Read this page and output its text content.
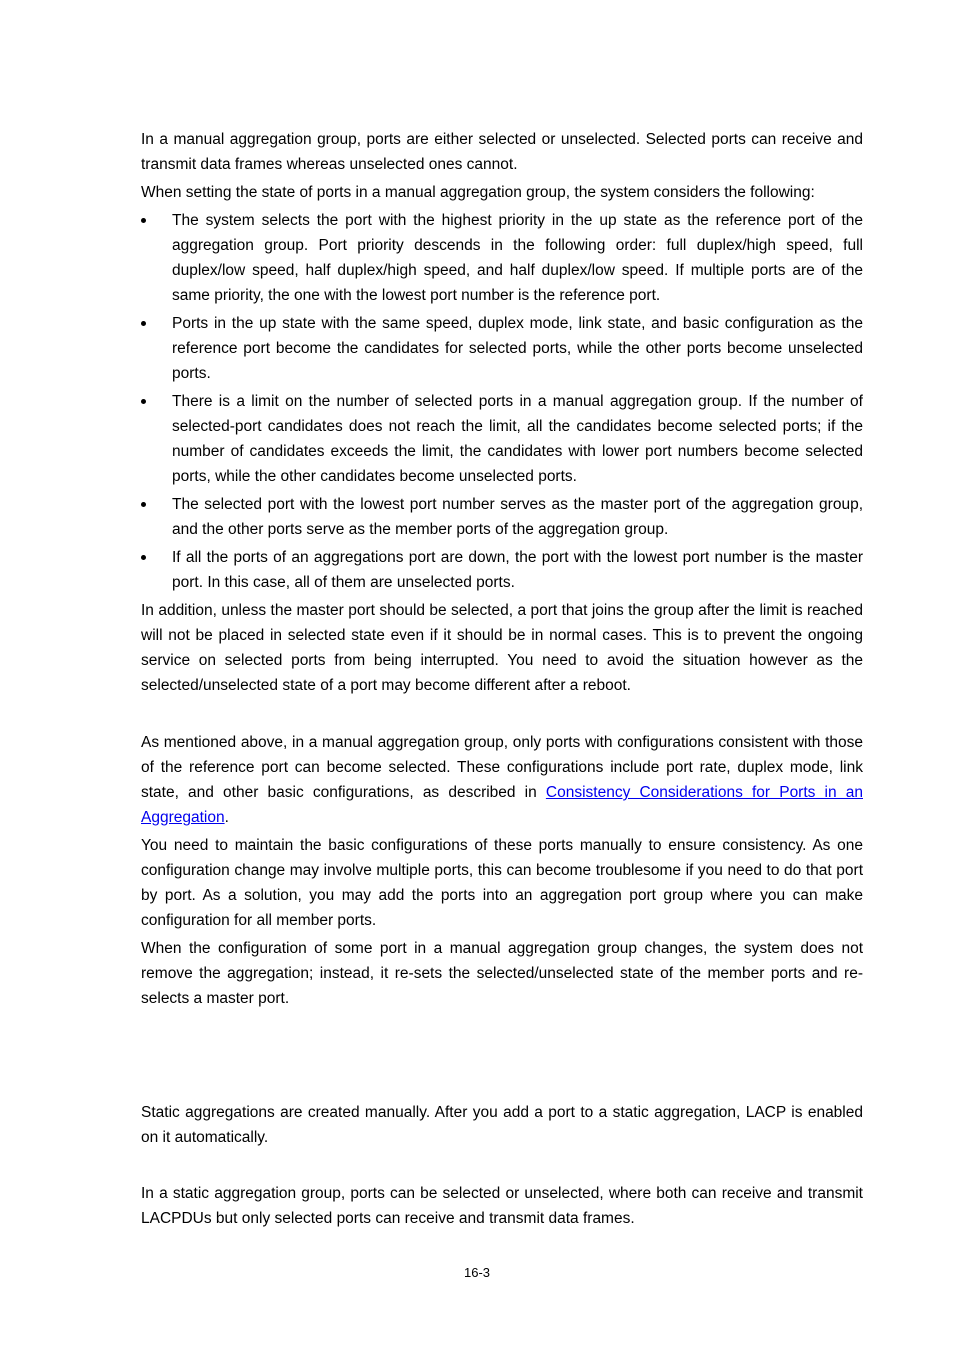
In a manual aggregation group, ports are either selected or unselected. Selected ports can receive and transmit data frames whereas unselected ones cannot.

When setting the state of ports in a manual aggregation group, the system considers the following:

The system selects the port with the highest priority in the up state as the reference port of the aggregation group. Port priority descends in the following order: full duplex/high speed, full duplex/low speed, half duplex/high speed, and half duplex/low speed. If multiple ports are of the same priority, the one with the lowest port number is the reference port.
Ports in the up state with the same speed, duplex mode, link state, and basic configuration as the reference port become the candidates for selected ports, while the other ports become unselected ports.
There is a limit on the number of selected ports in a manual aggregation group. If the number of selected-port candidates does not reach the limit, all the candidates become selected ports; if the number of candidates exceeds the limit, the candidates with lower port numbers become selected ports, while the other candidates become unselected ports.
The selected port with the lowest port number serves as the master port of the aggregation group, and the other ports serve as the member ports of the aggregation group.
If all the ports of an aggregations port are down, the port with the lowest port number is the master port. In this case, all of them are unselected ports.

In addition, unless the master port should be selected, a port that joins the group after the limit is reached will not be placed in selected state even if it should be in normal cases. This is to prevent the ongoing service on selected ports from being interrupted. You need to avoid the situation however as the selected/unselected state of a port may become different after a reboot.

As mentioned above, in a manual aggregation group, only ports with configurations consistent with those of the reference port can become selected. These configurations include port rate, duplex mode, link state, and other basic configurations, as described in Consistency Considerations for Ports in an Aggregation.

You need to maintain the basic configurations of these ports manually to ensure consistency. As one configuration change may involve multiple ports, this can become troublesome if you need to do that port by port. As a solution, you may add the ports into an aggregation port group where you can make configuration for all member ports.

When the configuration of some port in a manual aggregation group changes, the system does not remove the aggregation; instead, it re-sets the selected/unselected state of the member ports and re-selects a master port.

Static aggregations are created manually. After you add a port to a static aggregation, LACP is enabled on it automatically.

In a static aggregation group, ports can be selected or unselected, where both can receive and transmit LACPDUs but only selected ports can receive and transmit data frames.

16-3
